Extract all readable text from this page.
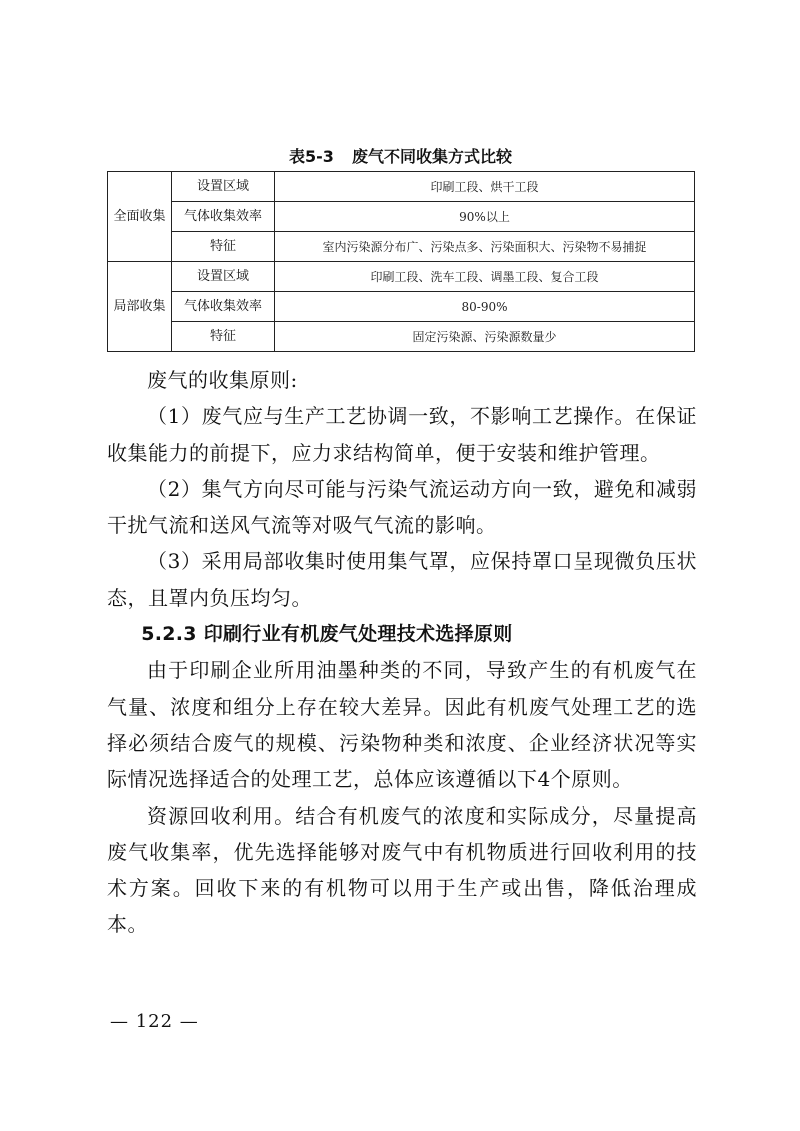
表5-3 废气不同收集方式比较
全面收集	设置区域	印刷工段、烘干工段
	气体收集效率	90%以上
	特征	室内污染源分布广、污染点多、污染面积大、污染物不易捕捉
局部收集	设置区域	印刷工段、洗车工段、调墨工段、复合工段
	气体收集效率	80-90%
	特征	固定污染源、污染源数量少

废气的收集原则:

（1）废气应与生产工艺协调一致，不影响工艺操作。在保证收集能力的前提下，应力求结构简单，便于安装和维护管理。

（2）集气方向尽可能与污染气流运动方向一致，避免和减弱干扰气流和送风气流等对吸气气流的影响。

（3）采用局部收集时使用集气罩，应保持罩口呈现微负压状态，且罩内负压均匀。

5.2.3 印刷行业有机废气处理技术选择原则

由于印刷企业所用油墨种类的不同，导致产生的有机废气在气量、浓度和组分上存在较大差异。因此有机废气处理工艺的选择必须结合废气的规模、污染物种类和浓度、企业经济状况等实际情况选择适合的处理工艺，总体应该遵循以下4个原则。

资源回收利用。结合有机废气的浓度和实际成分，尽量提高废气收集率，优先选择能够对废气中有机物质进行回收利用的技术方案。回收下来的有机物可以用于生产或出售，降低治理成本。

— 122 —
